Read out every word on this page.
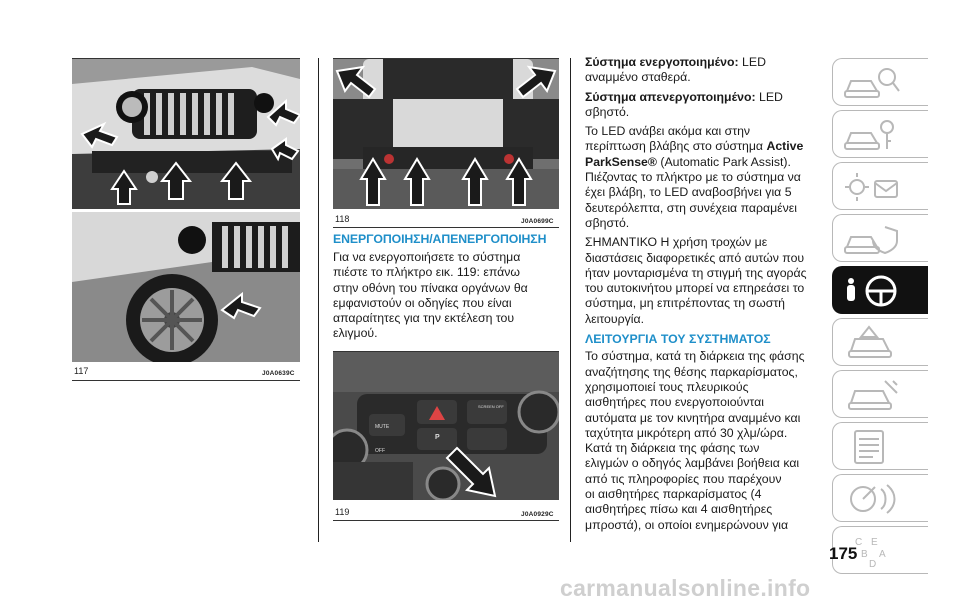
117	J0A0639C
118	J0A0699C
ΕΝΕΡΓΟΠΟΙΗΣΗ/ΑΠΕΝΕΡΓΟΠΟΙΗΣΗ
Για να ενεργοποιήσετε το σύστημα
πιέστε το πλήκτρο εικ. 119: επάνω
στην οθόνη του πίνακα οργάνων θα
εμφανιστούν οι οδηγίες που είναι
απαραίτητες για την εκτέλεση του
ελιγμού.
MUTE
SCREEN OFF
P
OFF
119	J0A0929C
Σύστημα ενεργοποιημένο: LED
αναμμένο σταθερά.
Σύστημα απενεργοποιημένο: LED
σβηστό.
Το LED ανάβει ακόμα και στην
περίπτωση βλάβης στο σύστημα Active
ParkSense® (Automatic Park Assist).
Πιέζοντας το πλήκτρο με το σύστημα να
έχει βλάβη, το LED αναβοσβήνει για 5
δευτερόλεπτα, στη συνέχεια παραμένει
σβηστό.
ΣΗΜΑΝΤΙΚΟ Η χρήση τροχών με
διαστάσεις διαφορετικές από αυτών που
ήταν μονταρισμένα τη στιγμή της αγοράς
του αυτοκινήτου μπορεί να επηρεάσει το
σύστημα, μη επιτρέποντας τη σωστή
λειτουργία.
ΛΕΙΤΟΥΡΓΙΑ ΤΟΥ ΣΥΣΤΗΜΑΤΟΣ
Το σύστημα, κατά τη διάρκεια της φάσης
αναζήτησης της θέσης παρκαρίσματος,
χρησιμοποιεί τους πλευρικούς
αισθητήρες που ενεργοποιούνται
αυτόματα με τον κινητήρα αναμμένο και
ταχύτητα μικρότερη από 30 χλμ/ώρα.
Κατά τη διάρκεια της φάσης των
ελιγμών ο οδηγός λαμβάνει βοήθεια και
από τις πληροφορίες που παρέχουν
οι αισθητήρες παρκαρίσματος (4
αισθητήρες πίσω και 4 αισθητήρες
μπροστά), οι οποίοι ενημερώνουν για
C E
B A
D
175
carmanualsonline.info
